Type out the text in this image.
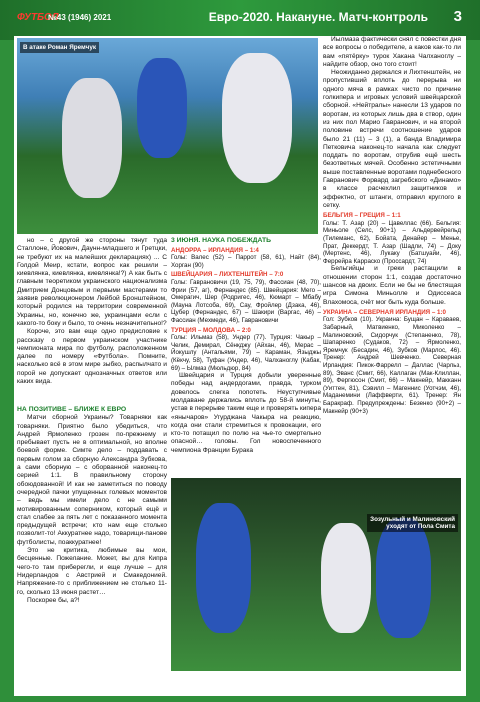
ФУТБОЛ
№43 (1946) 2021	Евро-2020. Накануне. Матч-контроль 3
В атаке Роман Яремчук

но – с другой же стороны тянут туда Сталлоне, Йовович, Даунн-младшего и Гретцки, не требуют их на малейших декларациях) ... С Голдой Меир, кстати, вопрос как решили – киевлянка, киевлянка, киевлянка!?) А как быть с главным теоретиком украинского национализма Дмитрием Донцовым и первыми мастерами то заявив революционером Лейбой Бронштейном, который родился на территории современной Украины, но, конечно же, украинцами если с какого-то боку и было, то очень незначительно!?

Короче, это вам еще одно предисловие к рассказу о первом украинском участнике чемпионата мира по футболу, расположенном далее по номеру «Футбола». Помните, насколько всё в этом мире зыбко, распылчато и порой не допускает однозначных ответов или каких вида.

НА ПОЗИТИВЕ – БЛИЖЕ К ЕВРО

Матчи сборной Украины? Товарняки как товарняки. Приятно было убедиться, что Андрей Ярмоленко грозен по-прежнему и пребывает пусть не в оптимальной, но вполне боевой форме. Симте дело – поддавать с первым голом за сборную Александра Зубкова, а сами сборную – с оборванной наконец-то серией 1:1. В правильному сторону обоюдованной! И как не заметиться по поводу очередной пачки упущенных голевых моментов – ведь мы имели дело с не самыми мотивированным соперником, который ещё и стал слабее за пять лет с показанного момента предыдущей встречи; кто нам еще столько позволит-то! Аккуратнее надо, товарищи-панове футболисты, поаккуратнее!

Это не критика, любимые вы мои, бесценные. Пожелание. Может, вы для Кипра чего-то там приберегли, и еще лучше – для Нидерландов с Австрией и Смакедонией. Напряжение-то с приближением не столько 11-го, сколько 13 июня растет…

Поскорее бы, а?!

3 ИЮНЯ. НАУКА ПОБЕЖДАТЬ
АНДОРРА – ИРЛАНДИЯ – 1:4
Голы: Валес (52) – Паррот (58, 61), Найт (84), Хорган (90)
ШВЕЙЦАРИЯ – ЛИХТЕНШТЕЙН – 7:0
Голы: Гаврановичи (19, 75, 79), Фассиан (48, 70), Фрии (57, аг), Фернандес (85). Швейцария: Мего – Омерагич, Шер (Родригес, 46), Кюмарт – Мбабу (Мауна Лотсоба, 69), Сау, Фройлер (Дзака, 46), Цубер (Фернандес, 67) – Шакири (Варгас, 46) – Фассиан (Мехмеди, 46), Гаврановичи
ТУРЦИЯ – МОЛДОВА – 2:0
Голы: Ильмаз (58), Ундер (77). Турция: Чакыр – Челик, Демирал, Сёнкджу (Айхан, 46), Мерас – Йокушлу (Антальями, 79) – Караман, Языджы (Кёкчу, 58), Туфан (Ундер, 46), Чалханоглу (Кабак, 69) – Ылмаз (Мюльдюр, 84)

Швейцария и Турция добыли уверенные победы над андердогами, правда, турком довелось слегка попотеть. Неуступчивые молдаване держались вплоть до 58-й минуты, устав в перерыве таким еще и проверять кипера «янычаров» Угурджана Чакыра на реакцию, когда они стали стремиться к провокации, его кто-то потащил по полю на чье-то смертельно опасной… головы. Гол новоспеченного чемпиона Франции Бурака

Йылмаза фактически снял с повестки дня все вопросы о победителе, а каков как-то ли вам «пятёрку» турок Хакана Чалханоглу – найдите обзор, оно того стоит!

Неожиданно держался и Лихтенштейн, не пропустивший вплоть до перерыва ни одного мяча в рамках чисто по причине голкипера и игровых условий швейцарской сборной. «Нейтралы» нанесли 13 ударов по воротам, из которых лишь два в створ, один из них пол Марио Гавранович, и на второй половине встречи соотношение ударов было 21 (11) – 3 (1), а банда Владимира Петковича наконец-то начала как следует поддать по воротам, отрубив ещё шесть безответных мячей. Особенно эстетичными выше поставленные воротами поднебесного Гавранович Форвард загребского «Динамо» в классе расчехлил защитников и эффектно, от штанги, отправил круглого в сетку.

БЕЛЬГИЯ – ГРЕЦИЯ – 1:1
Голы: Т. Азар (20) – Цавеллас (66). Бельгия: Миньоле (Селс, 90+1) – Альдервейрельд (Тилеманс, 62), Бойата, Денайер – Менье, Прат, Деккердт, Т. Азар (Шадли, 74) – Доку (Мертенс, 46), Лукаку (Батшуайи, 46), Феррейра Карраско (Проссардт, 74)

Бельгийцы и греки растащили в отношении сторон 1:1, создав достаточно шансов на двоих. Если не бы не блестящая игра Симона Миньолле и Одиссеаса Влахомоса, счёт мог быть куда больше.

УКРАИНА – СЕВЕРНАЯ ИРЛАНДИЯ – 1:0
Гол: Зубков (10). Украина: Бущан – Караваев, Забарный, Матвиенко, Миколенко – Малиновский, Сидорчук (Степаненко, 78), Шапаренко (Судаков, 72) – Ярмоленко, Яремчук (Бесадин, 46), Зубков (Марлос, 46). Тренер: Андрей Шевченко. Северная Ирландия: Пикок-Фаррелл – Даллас (Чарльз, 89), Эванс (Смит, 66), Каллаган (Мак-Клиллан, 89), Фергюсон (Смит, 66) – Макнейр, Макканн (Уиттен, 81), Сэвилл – Магеннис (Уотчэм, 46), Маданемини (Лаффверти, 61). Тренер: Ян Баракраф. Предупреждены: Безенко (90+2) – Макнейр (90+3)
Зозульный и Малиновский
уходят от Пола Смита
